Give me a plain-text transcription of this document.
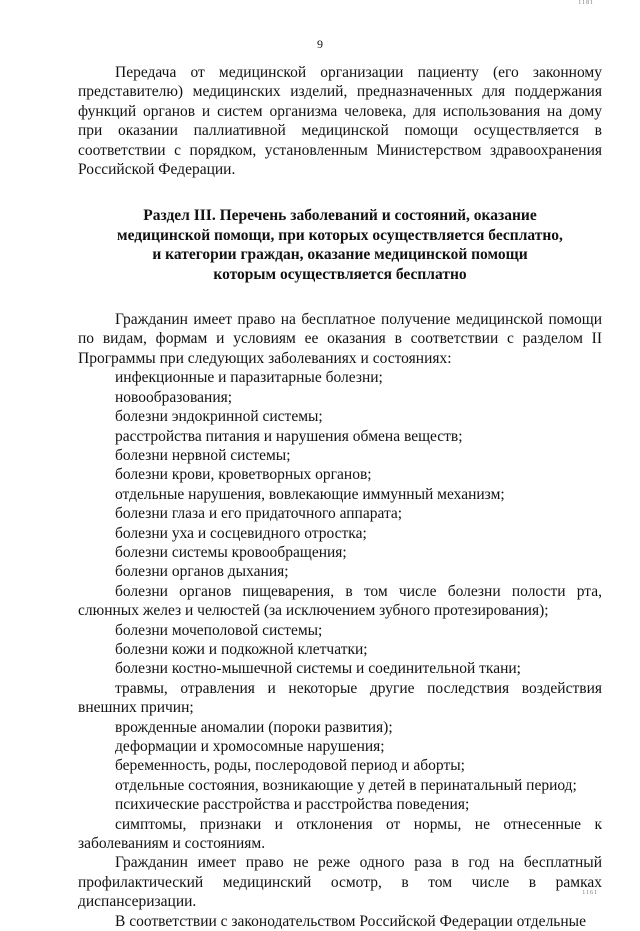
1181
9

Передача от медицинской организации пациенту (его законному представителю) медицинских изделий, предназначенных для поддержания функций органов и систем организма человека, для использования на дому при оказании паллиативной медицинской помощи осуществляется в соответствии с порядком, установленным Министерством здравоохранения Российской Федерации.

Раздел III. Перечень заболеваний и состояний, оказание
медицинской помощи, при которых осуществляется бесплатно,
и категории граждан, оказание медицинской помощи
которым осуществляется бесплатно

Гражданин имеет право на бесплатное получение медицинской помощи по видам, формам и условиям ее оказания в соответствии с разделом II Программы при следующих заболеваниях и состояниях:

инфекционные и паразитарные болезни;

новообразования;

болезни эндокринной системы;

расстройства питания и нарушения обмена веществ;

болезни нервной системы;

болезни крови, кроветворных органов;

отдельные нарушения, вовлекающие иммунный механизм;

болезни глаза и его придаточного аппарата;

болезни уха и сосцевидного отростка;

болезни системы кровообращения;

болезни органов дыхания;

болезни органов пищеварения, в том числе болезни полости рта, слюнных желез и челюстей (за исключением зубного протезирования);

болезни мочеполовой системы;

болезни кожи и подкожной клетчатки;

болезни костно-мышечной системы и соединительной ткани;

травмы, отравления и некоторые другие последствия воздействия внешних причин;

врожденные аномалии (пороки развития);

деформации и хромосомные нарушения;

беременность, роды, послеродовой период и аборты;

отдельные состояния, возникающие у детей в перинатальный период;

психические расстройства и расстройства поведения;

симптомы, признаки и отклонения от нормы, не отнесенные к заболеваниям и состояниям.

Гражданин имеет право не реже одного раза в год на бесплатный профилактический медицинский осмотр, в том числе в рамках диспансеризации.

В соответствии с законодательством Российской Федерации отдельные

1161
